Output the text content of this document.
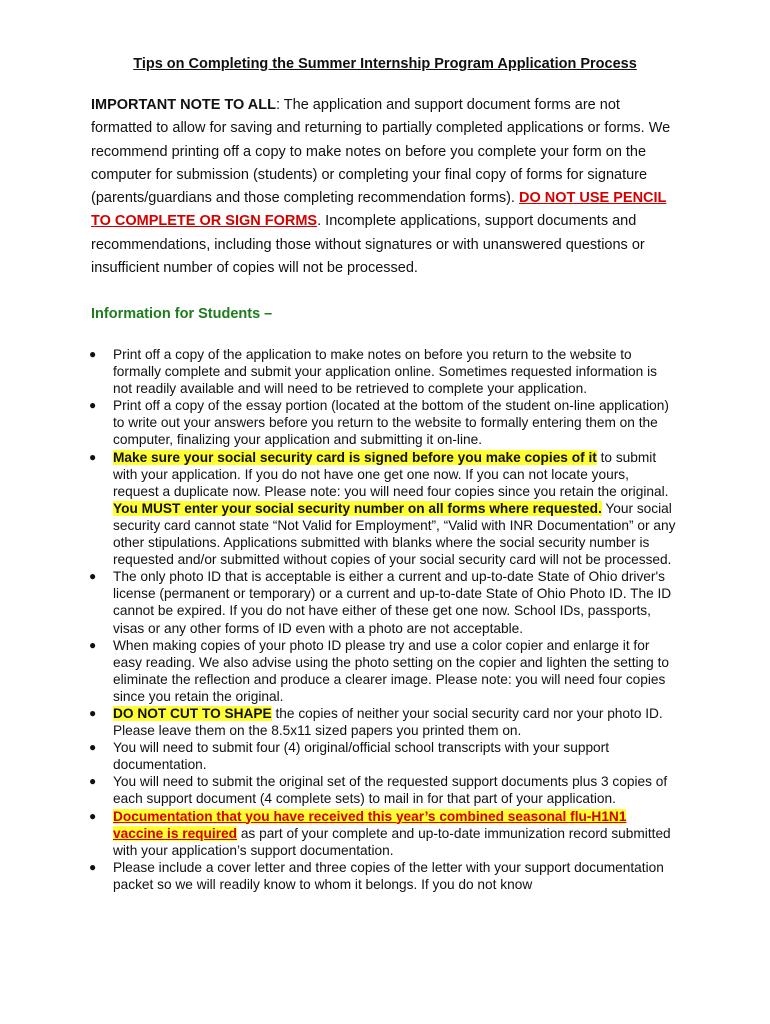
Tips on Completing the Summer Internship Program Application Process
IMPORTANT NOTE TO ALL: The application and support document forms are not formatted to allow for saving and returning to partially completed applications or forms. We recommend printing off a copy to make notes on before you complete your form on the computer for submission (students) or completing your final copy of forms for signature (parents/guardians and those completing recommendation forms). DO NOT USE PENCIL TO COMPLETE OR SIGN FORMS. Incomplete applications, support documents and recommendations, including those without signatures or with unanswered questions or insufficient number of copies will not be processed.
Information for Students –
● Print off a copy of the application to make notes on before you return to the website to formally complete and submit your application online. Sometimes requested information is not readily available and will need to be retrieved to complete your application.
● Print off a copy of the essay portion (located at the bottom of the student on-line application) to write out your answers before you return to the website to formally entering them on the computer, finalizing your application and submitting it on-line.
● Make sure your social security card is signed before you make copies of it to submit with your application. If you do not have one get one now. If you can not locate yours, request a duplicate now. Please note: you will need four copies since you retain the original. You MUST enter your social security number on all forms where requested. Your social security card cannot state “Not Valid for Employment”, “Valid with INR Documentation” or any other stipulations. Applications submitted with blanks where the social security number is requested and/or submitted without copies of your social security card will not be processed.
● The only photo ID that is acceptable is either a current and up-to-date State of Ohio driver's license (permanent or temporary) or a current and up-to-date State of Ohio Photo ID. The ID cannot be expired. If you do not have either of these get one now. School IDs, passports, visas or any other forms of ID even with a photo are not acceptable.
● When making copies of your photo ID please try and use a color copier and enlarge it for easy reading. We also advise using the photo setting on the copier and lighten the setting to eliminate the reflection and produce a clearer image. Please note: you will need four copies since you retain the original.
● DO NOT CUT TO SHAPE the copies of neither your social security card nor your photo ID. Please leave them on the 8.5x11 sized papers you printed them on.
● You will need to submit four (4) original/official school transcripts with your support documentation.
● You will need to submit the original set of the requested support documents plus 3 copies of each support document (4 complete sets) to mail in for that part of your application.
● Documentation that you have received this year’s combined seasonal flu-H1N1 vaccine is required as part of your complete and up-to-date immunization record submitted with your application’s support documentation.
● Please include a cover letter and three copies of the letter with your support documentation packet so we will readily know to whom it belongs. If you do not know
